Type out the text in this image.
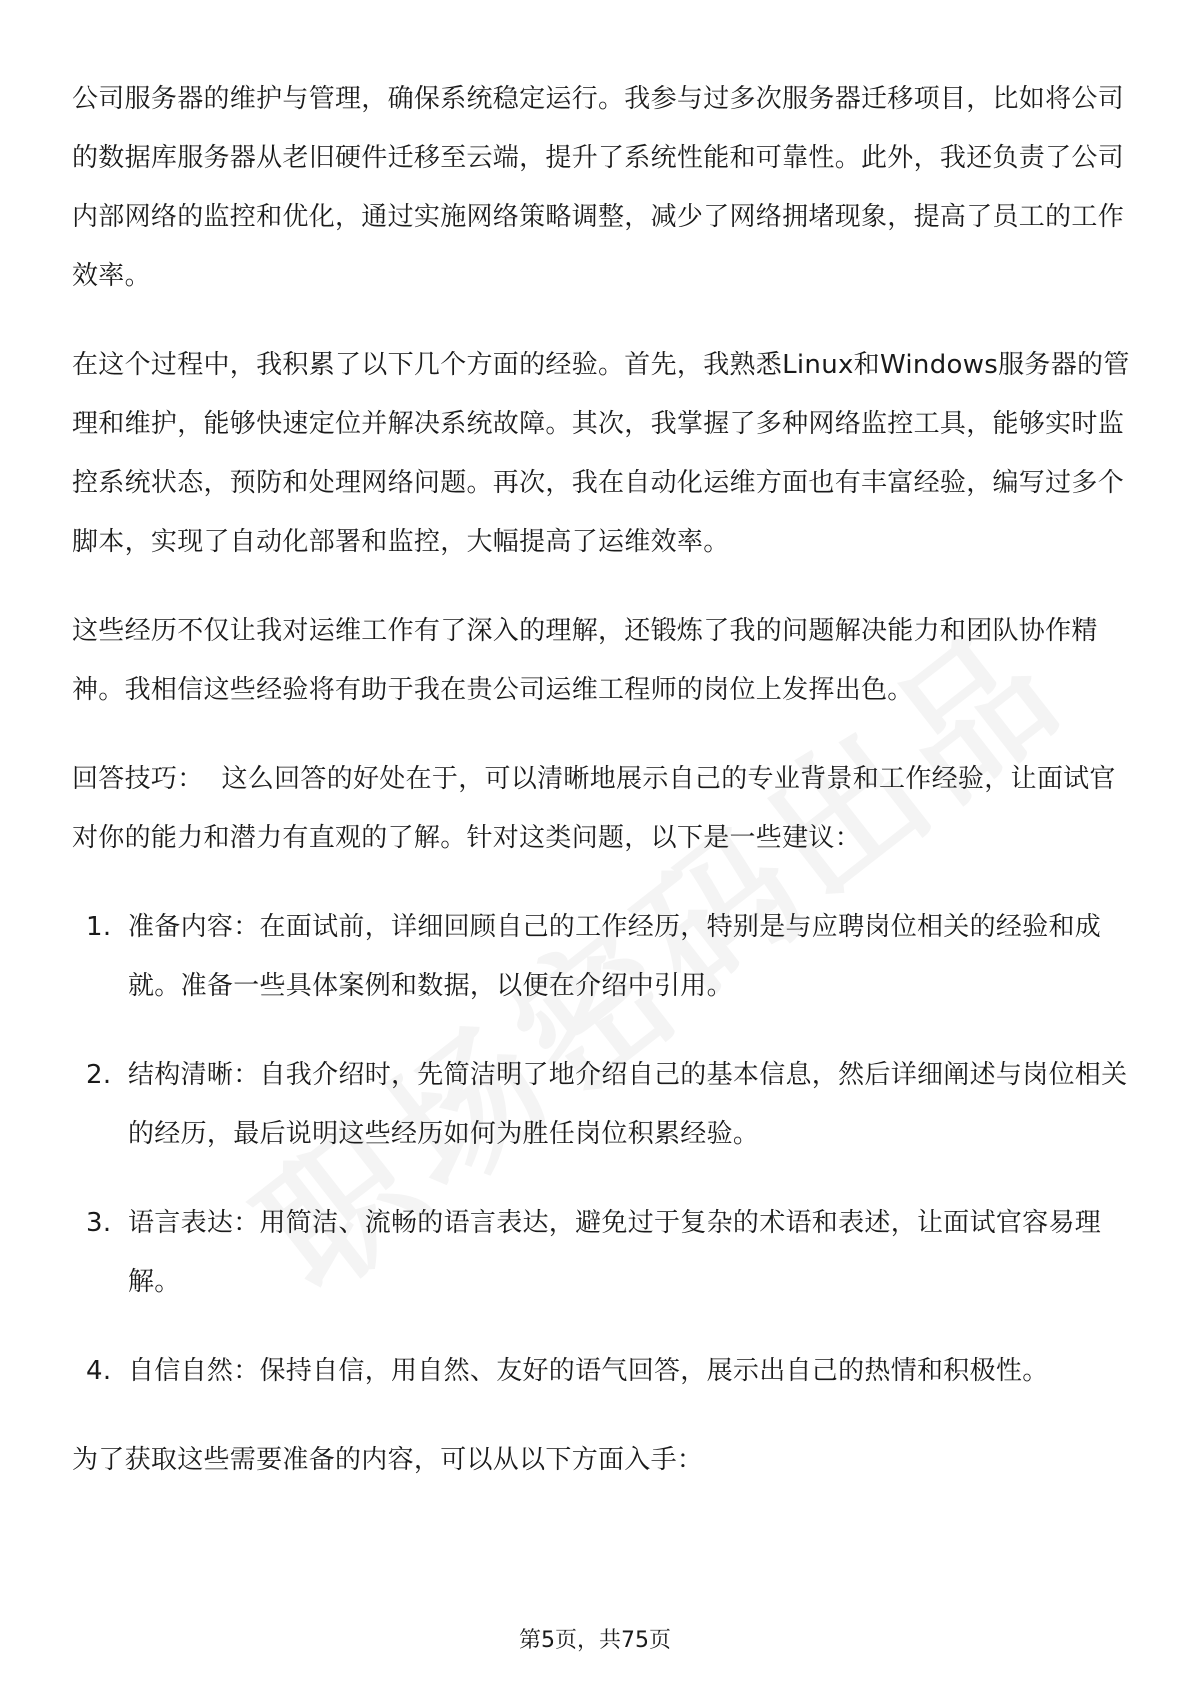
公司服务器的维护与管理，确保系统稳定运行。我参与过多次服务器迁移项目，比如将公司的数据库服务器从老旧硬件迁移至云端，提升了系统性能和可靠性。此外，我还负责了公司内部网络的监控和优化，通过实施网络策略调整，减少了网络拥堵现象，提高了员工的工作效率。

在这个过程中，我积累了以下几个方面的经验。首先，我熟悉Linux和Windows服务器的管理和维护，能够快速定位并解决系统故障。其次，我掌握了多种网络监控工具，能够实时监控系统状态，预防和处理网络问题。再次，我在自动化运维方面也有丰富经验，编写过多个脚本，实现了自动化部署和监控，大幅提高了运维效率。

这些经历不仅让我对运维工作有了深入的理解，还锻炼了我的问题解决能力和团队协作精神。我相信这些经验将有助于我在贵公司运维工程师的岗位上发挥出色。

回答技巧： 这么回答的好处在于，可以清晰地展示自己的专业背景和工作经验，让面试官对你的能力和潜力有直观的了解。针对这类问题，以下是一些建议：

1. 准备内容：在面试前，详细回顾自己的工作经历，特别是与应聘岗位相关的经验和成就。准备一些具体案例和数据，以便在介绍中引用。
2. 结构清晰：自我介绍时，先简洁明了地介绍自己的基本信息，然后详细阐述与岗位相关的经历，最后说明这些经历如何为胜任岗位积累经验。
3. 语言表达：用简洁、流畅的语言表达，避免过于复杂的术语和表述，让面试官容易理解。
4. 自信自然：保持自信，用自然、友好的语气回答，展示出自己的热情和积极性。

为了获取这些需要准备的内容，可以从以下方面入手：

第5页，共75页
